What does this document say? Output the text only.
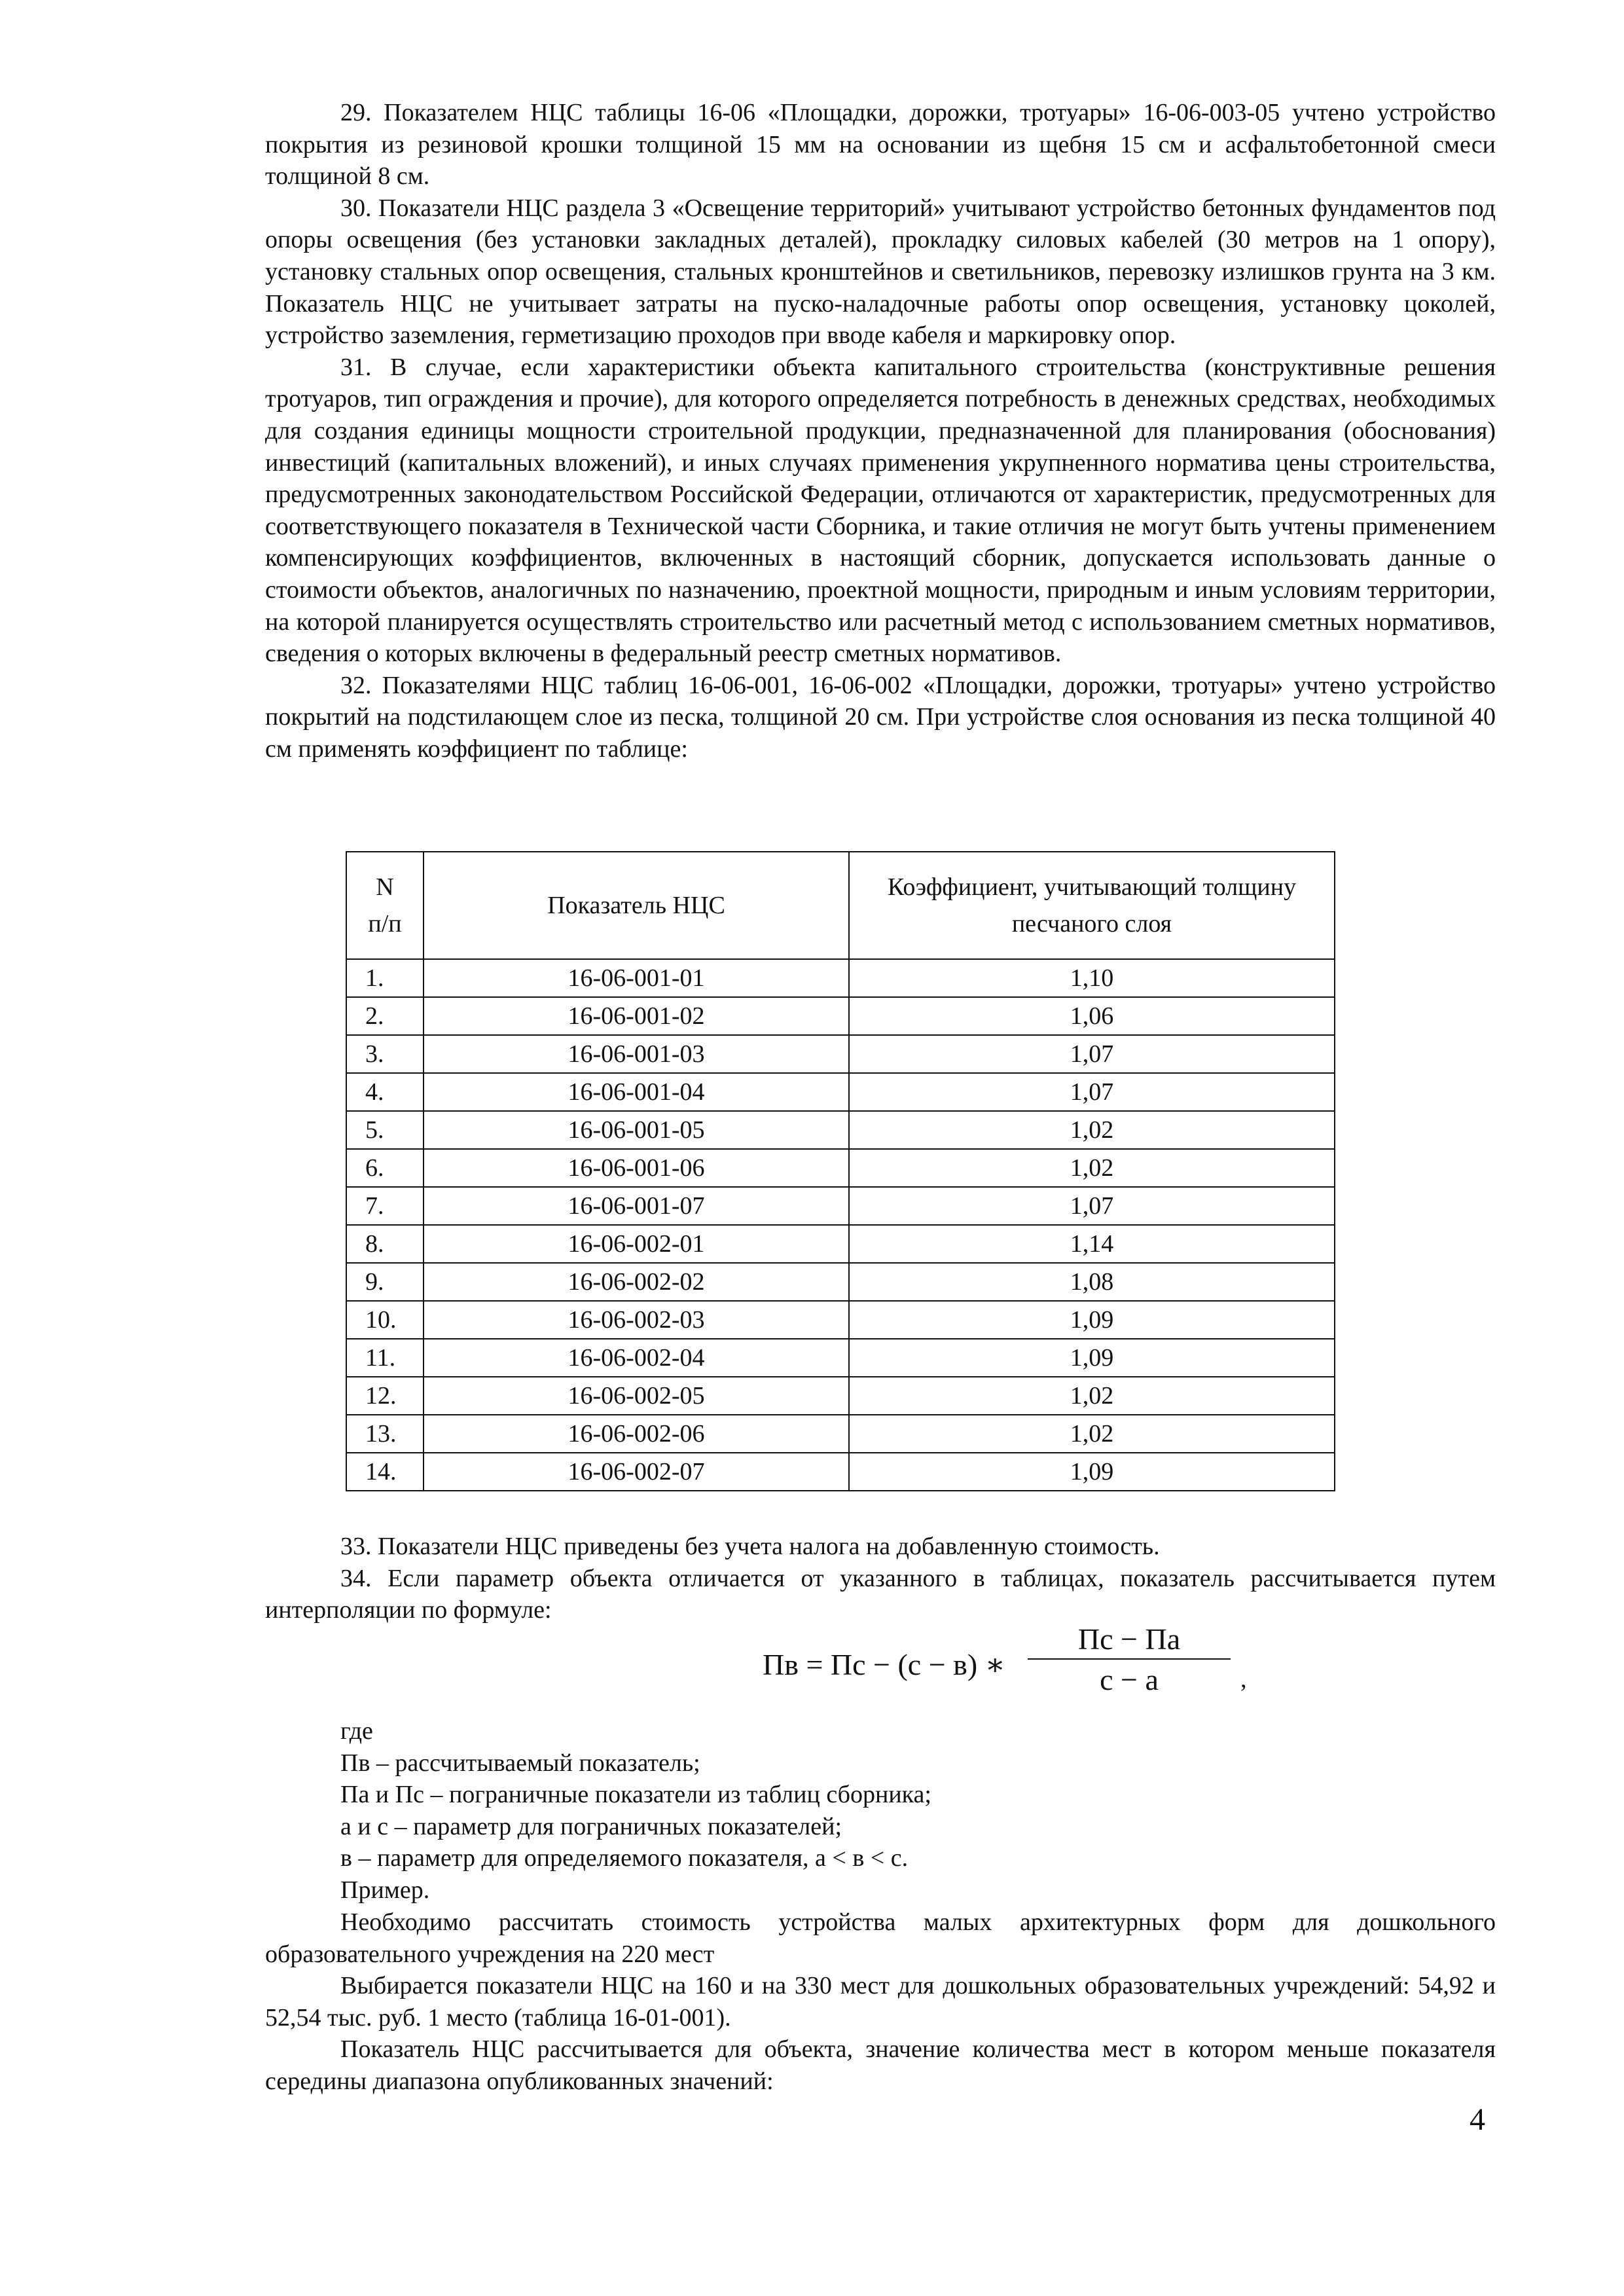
29. Показателем НЦС таблицы 16-06 «Площадки, дорожки, тротуары» 16-06-003-05 учтено устройство покрытия из резиновой крошки толщиной 15 мм на основании из щебня 15 см и асфальтобетонной смеси толщиной 8 см.

30. Показатели НЦС раздела 3 «Освещение территорий» учитывают устройство бетонных фундаментов под опоры освещения (без установки закладных деталей), прокладку силовых кабелей (30 метров на 1 опору), установку стальных опор освещения, стальных кронштейнов и светильников, перевозку излишков грунта на 3 км. Показатель НЦС не учитывает затраты на пуско-наладочные работы опор освещения, установку цоколей, устройство заземления, герметизацию проходов при вводе кабеля и маркировку опор.

31. В случае, если характеристики объекта капитального строительства (конструктивные решения тротуаров, тип ограждения и прочие), для которого определяется потребность в денежных средствах, необходимых для создания единицы мощности строительной продукции, предназначенной для планирования (обоснования) инвестиций (капитальных вложений), и иных случаях применения укрупненного норматива цены строительства, предусмотренных законодательством Российской Федерации, отличаются от характеристик, предусмотренных для соответствующего показателя в Технической части Сборника, и такие отличия не могут быть учтены применением компенсирующих коэффициентов, включенных в настоящий сборник, допускается использовать данные о стоимости объектов, аналогичных по назначению, проектной мощности, природным и иным условиям территории, на которой планируется осуществлять строительство или расчетный метод с использованием сметных нормативов, сведения о которых включены в федеральный реестр сметных нормативов.

32. Показателями НЦС таблиц 16-06-001, 16-06-002 «Площадки, дорожки, тротуары» учтено устройство покрытий на подстилающем слое из песка, толщиной 20 см. При устройстве слоя основания из песка толщиной 40 см применять коэффициент по таблице:

N
п/п	Показатель НЦС	Коэффициент, учитывающий толщину
песчаного слоя
1.	16-06-001-01	1,10
2.	16-06-001-02	1,06
3.	16-06-001-03	1,07
4.	16-06-001-04	1,07
5.	16-06-001-05	1,02
6.	16-06-001-06	1,02
7.	16-06-001-07	1,07
8.	16-06-002-01	1,14
9.	16-06-002-02	1,08
10.	16-06-002-03	1,09
11.	16-06-002-04	1,09
12.	16-06-002-05	1,02
13.	16-06-002-06	1,02
14.	16-06-002-07	1,09

33. Показатели НЦС приведены без учета налога на добавленную стоимость.

34. Если параметр объекта отличается от указанного в таблицах, показатель рассчитывается путем интерполяции по формуле:

Пв = Пс − (с − в) ∗
Пс − Па
с − а	,

где

Пв – рассчитываемый показатель;

Па и Пс – пограничные показатели из таблиц сборника;

а и с – параметр для пограничных показателей;

в – параметр для определяемого показателя, а < в < с.

Пример.

Необходимо рассчитать стоимость устройства малых архитектурных форм для дошкольного образовательного учреждения на 220 мест

Выбирается показатели НЦС на 160 и на 330 мест для дошкольных образовательных учреждений: 54,92 и 52,54 тыс. руб. 1 место (таблица 16-01-001).

Показатель НЦС рассчитывается для объекта, значение количества мест в котором меньше показателя середины диапазона опубликованных значений:

4
